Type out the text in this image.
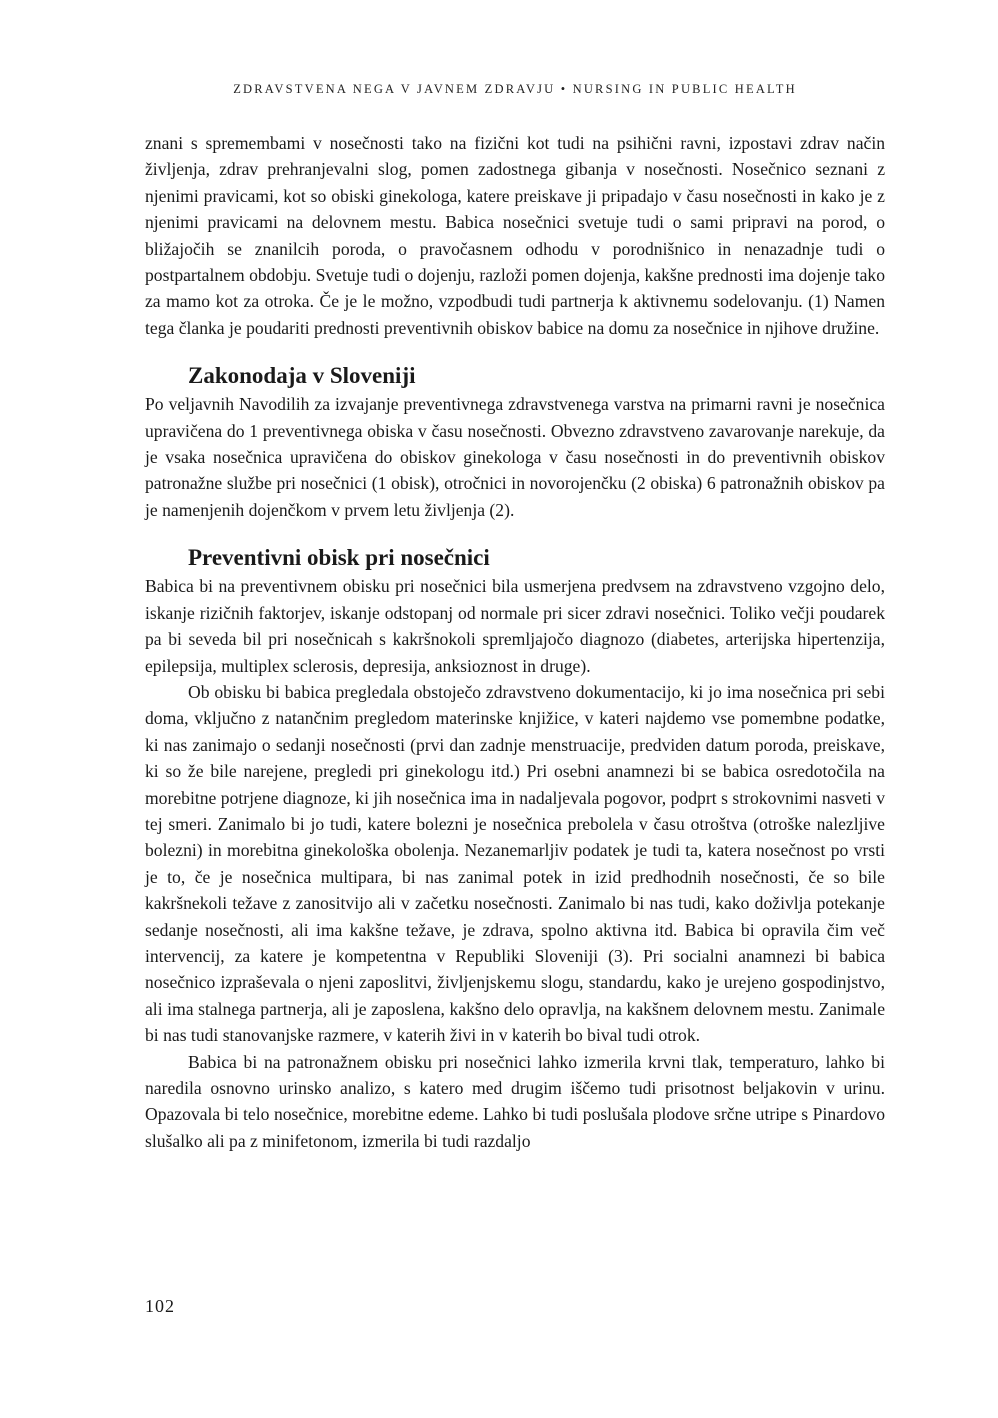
ZDRAVSTVENA NEGA V JAVNEM ZDRAVJU • NURSING IN PUBLIC HEALTH

znani s spremembami v nosečnosti tako na fizični kot tudi na psihični ravni, izpostavi zdrav način življenja, zdrav prehranjevalni slog, pomen zadostnega gibanja v nosečnosti. Nosečnico seznani z njenimi pravicami, kot so obiski ginekologa, katere preiskave ji pripadajo v času nosečnosti in kako je z njenimi pravicami na delovnem mestu. Babica nosečnici svetuje tudi o sami pripravi na porod, o bližajočih se znanilcih poroda, o pravočasnem odhodu v porodnišnico in nenazadnje tudi o postpartalnem obdobju. Svetuje tudi o dojenju, razloži pomen dojenja, kakšne prednosti ima dojenje tako za mamo kot za otroka. Če je le možno, vzpodbudi tudi partnerja k aktivnemu sodelovanju. (1) Namen tega članka je poudariti prednosti preventivnih obiskov babice na domu za nosečnice in njihove družine.

Zakonodaja v Sloveniji

Po veljavnih Navodilih za izvajanje preventivnega zdravstvenega varstva na primarni ravni je nosečnica upravičena do 1 preventivnega obiska v času nosečnosti. Obvezno zdravstveno zavarovanje narekuje, da je vsaka nosečnica upravičena do obiskov ginekologa v času nosečnosti in do preventivnih obiskov patronažne službe pri nosečnici (1 obisk), otročnici in novorojenčku (2 obiska) 6 patronažnih obiskov pa je namenjenih dojenčkom v prvem letu življenja (2).

Preventivni obisk pri nosečnici

Babica bi na preventivnem obisku pri nosečnici bila usmerjena predvsem na zdravstveno vzgojno delo, iskanje rizičnih faktorjev, iskanje odstopanj od normale pri sicer zdravi nosečnici. Toliko večji poudarek pa bi seveda bil pri nosečnicah s kakršnokoli spremljajočo diagnozo (diabetes, arterijska hipertenzija, epilepsija, multiplex sclerosis, depresija, anksioznost in druge).

Ob obisku bi babica pregledala obstoječo zdravstveno dokumentacijo, ki jo ima nosečnica pri sebi doma, vključno z natančnim pregledom materinske knjižice, v kateri najdemo vse pomembne podatke, ki nas zanimajo o sedanji nosečnosti (prvi dan zadnje menstruacije, predviden datum poroda, preiskave, ki so že bile narejene, pregledi pri ginekologu itd.) Pri osebni anamnezi bi se babica osredotočila na morebitne potrjene diagnoze, ki jih nosečnica ima in nadaljevala pogovor, podprt s strokovnimi nasveti v tej smeri. Zanimalo bi jo tudi, katere bolezni je nosečnica prebolela v času otroštva (otroške nalezljive bolezni) in morebitna ginekološka obolenja. Nezanemarljiv podatek je tudi ta, katera nosečnost po vrsti je to, če je nosečnica multipara, bi nas zanimal potek in izid predhodnih nosečnosti, če so bile kakršnekoli težave z zanositvijo ali v začetku nosečnosti. Zanimalo bi nas tudi, kako doživlja potekanje sedanje nosečnosti, ali ima kakšne težave, je zdrava, spolno aktivna itd. Babica bi opravila čim več intervencij, za katere je kompetentna v Republiki Sloveniji (3). Pri socialni anamnezi bi babica nosečnico izpraševala o njeni zaposlitvi, življenjskemu slogu, standardu, kako je urejeno gospodinjstvo, ali ima stalnega partnerja, ali je zaposlena, kakšno delo opravlja, na kakšnem delovnem mestu. Zanimale bi nas tudi stanovanjske razmere, v katerih živi in v katerih bo bival tudi otrok.

Babica bi na patronažnem obisku pri nosečnici lahko izmerila krvni tlak, temperaturo, lahko bi naredila osnovno urinsko analizo, s katero med drugim iščemo tudi prisotnost beljakovin v urinu. Opazovala bi telo nosečnice, morebitne edeme. Lahko bi tudi poslušala plodove srčne utripe s Pinardovo slušalko ali pa z minifetonom, izmerila bi tudi razdaljo

102
